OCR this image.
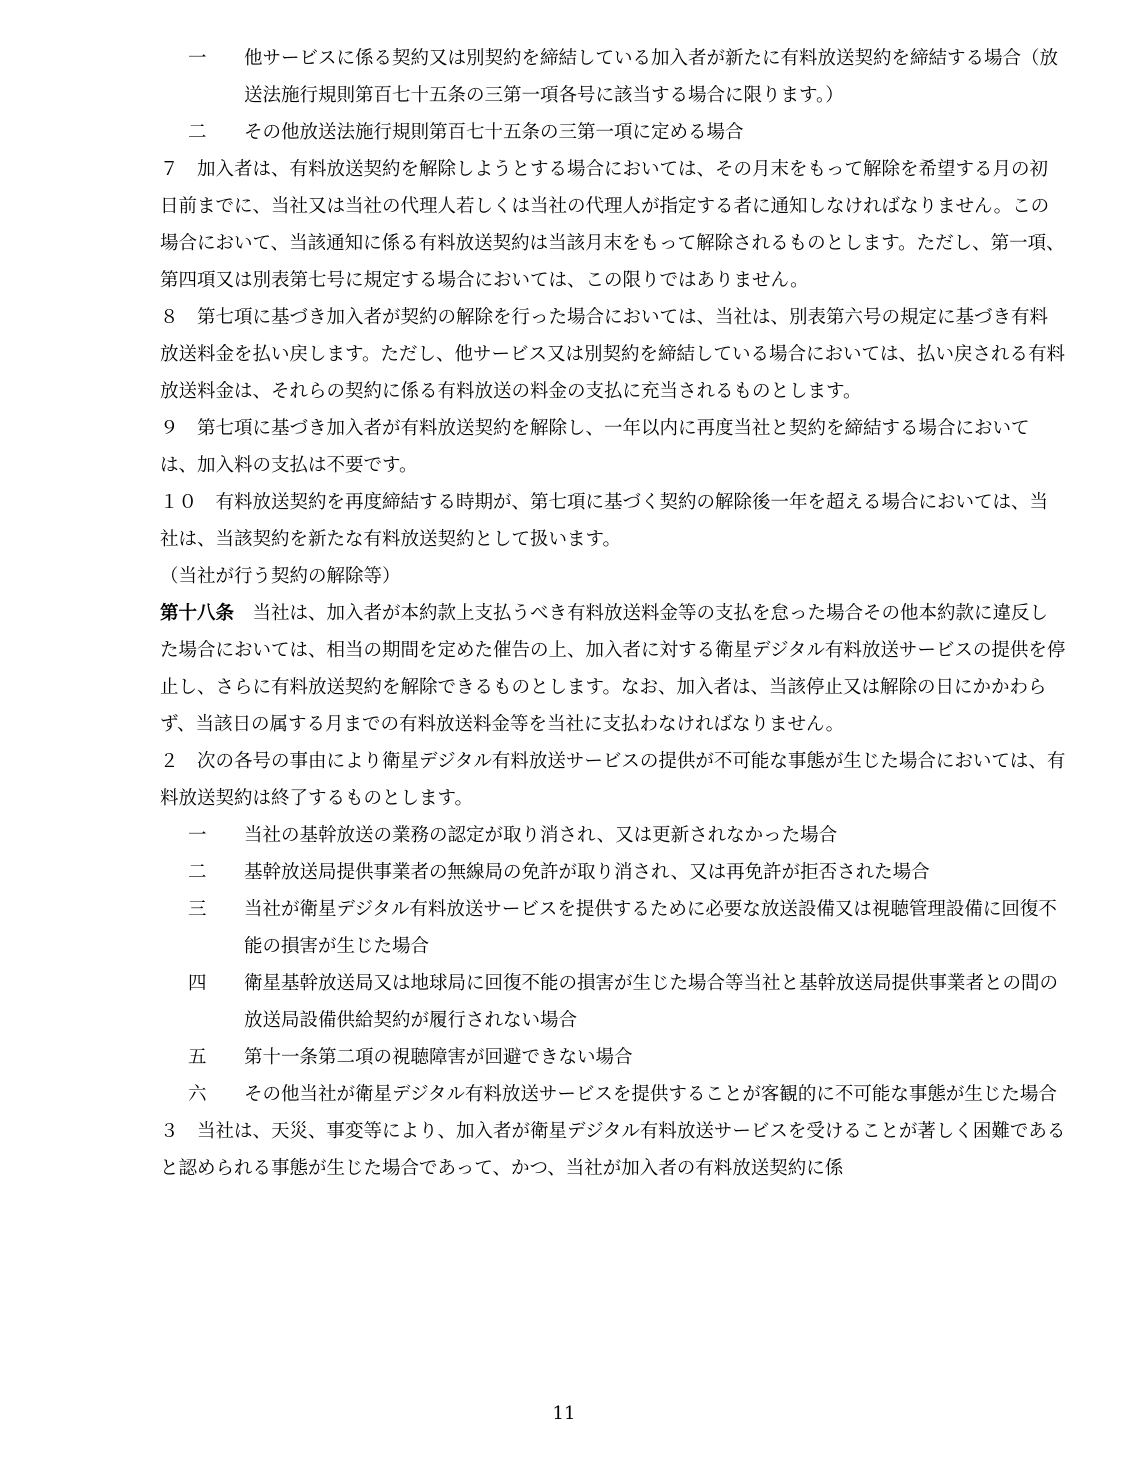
一 他サービスに係る契約又は別契約を締結している加入者が新たに有料放送契約を締結する場合（放送法施行規則第百七十五条の三第一項各号に該当する場合に限ります。）
二 その他放送法施行規則第百七十五条の三第一項に定める場合

７　加入者は、有料放送契約を解除しようとする場合においては、その月末をもって解除を希望する月の初日前までに、当社又は当社の代理人若しくは当社の代理人が指定する者に通知しなければなりません。この場合において、当該通知に係る有料放送契約は当該月末をもって解除されるものとします。ただし、第一項、第四項又は別表第七号に規定する場合においては、この限りではありません。

８　第七項に基づき加入者が契約の解除を行った場合においては、当社は、別表第六号の規定に基づき有料放送料金を払い戻します。ただし、他サービス又は別契約を締結している場合においては、払い戻される有料放送料金は、それらの契約に係る有料放送の料金の支払に充当されるものとします。

９　第七項に基づき加入者が有料放送契約を解除し、一年以内に再度当社と契約を締結する場合においては、加入料の支払は不要です。

１０　有料放送契約を再度締結する時期が、第七項に基づく契約の解除後一年を超える場合においては、当社は、当該契約を新たな有料放送契約として扱います。

（当社が行う契約の解除等）

第十八条　当社は、加入者が本約款上支払うべき有料放送料金等の支払を怠った場合その他本約款に違反した場合においては、相当の期間を定めた催告の上、加入者に対する衛星デジタル有料放送サービスの提供を停止し、さらに有料放送契約を解除できるものとします。なお、加入者は、当該停止又は解除の日にかかわらず、当該日の属する月までの有料放送料金等を当社に支払わなければなりません。

２　次の各号の事由により衛星デジタル有料放送サービスの提供が不可能な事態が生じた場合においては、有料放送契約は終了するものとします。

一 当社の基幹放送の業務の認定が取り消され、又は更新されなかった場合
二 基幹放送局提供事業者の無線局の免許が取り消され、又は再免許が拒否された場合
三 当社が衛星デジタル有料放送サービスを提供するために必要な放送設備又は視聴管理設備に回復不能の損害が生じた場合
四 衛星基幹放送局又は地球局に回復不能の損害が生じた場合等当社と基幹放送局提供事業者との間の放送局設備供給契約が履行されない場合
五 第十一条第二項の視聴障害が回避できない場合
六 その他当社が衛星デジタル有料放送サービスを提供することが客観的に不可能な事態が生じた場合

３　当社は、天災、事変等により、加入者が衛星デジタル有料放送サービスを受けることが著しく困難であると認められる事態が生じた場合であって、かつ、当社が加入者の有料放送契約に係

11
